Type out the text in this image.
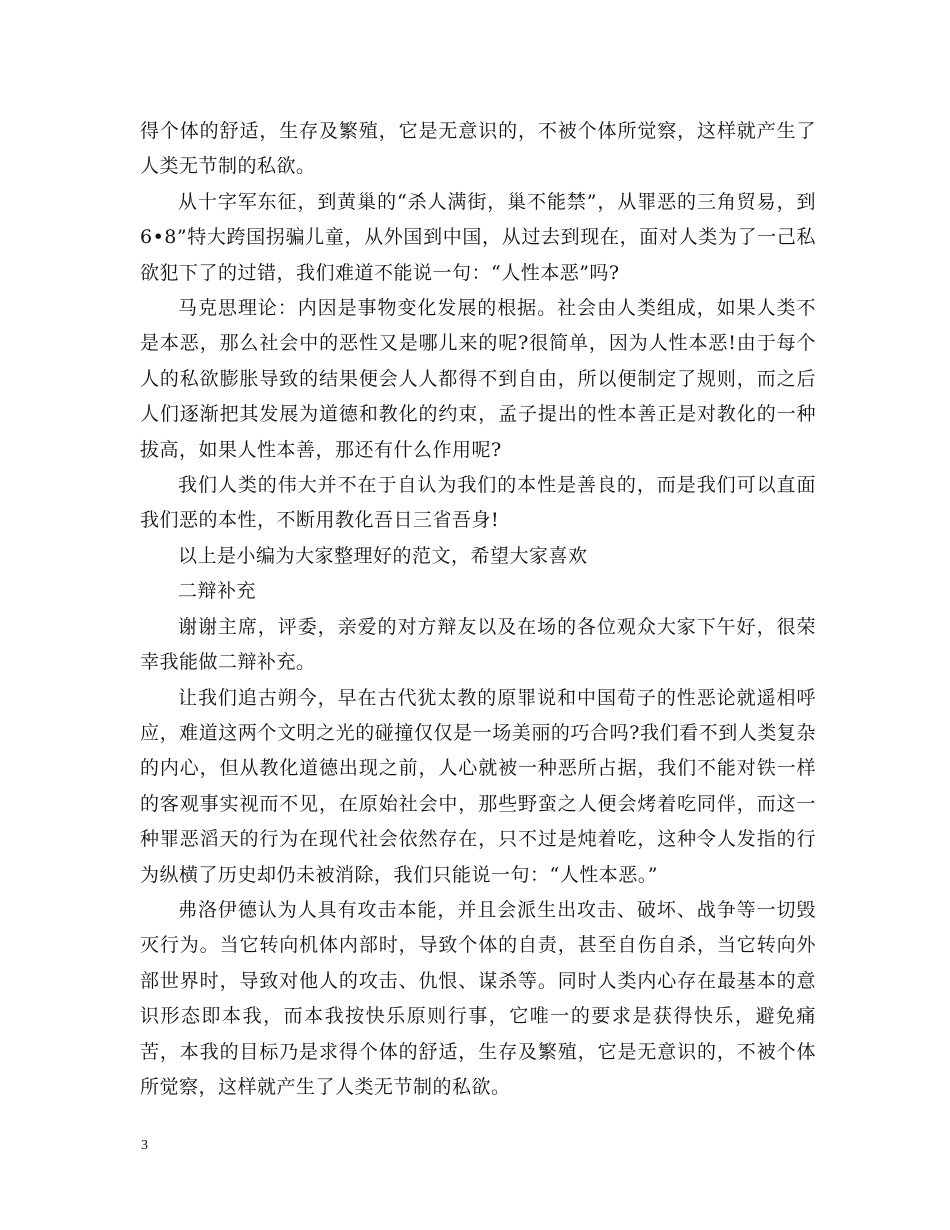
得个体的舒适，生存及繁殖，它是无意识的，不被个体所觉察，这样就产生了人类无节制的私欲。

从十字军东征，到黄巢的“杀人满街，巢不能禁”，从罪恶的三角贸易，到6•8”特大跨国拐骗儿童，从外国到中国，从过去到现在，面对人类为了一己私欲犯下了的过错，我们难道不能说一句：“人性本恶”吗?

马克思理论：内因是事物变化发展的根据。社会由人类组成，如果人类不是本恶，那么社会中的恶性又是哪儿来的呢?很简单，因为人性本恶!由于每个人的私欲膨胀导致的结果便会人人都得不到自由，所以便制定了规则，而之后人们逐渐把其发展为道德和教化的约束，孟子提出的性本善正是对教化的一种拔高，如果人性本善，那还有什么作用呢?

我们人类的伟大并不在于自认为我们的本性是善良的，而是我们可以直面我们恶的本性，不断用教化吾日三省吾身!

以上是小编为大家整理好的范文，希望大家喜欢

二辩补充

谢谢主席，评委，亲爱的对方辩友以及在场的各位观众大家下午好，很荣幸我能做二辩补充。

让我们追古朔今，早在古代犹太教的原罪说和中国荀子的性恶论就遥相呼应，难道这两个文明之光的碰撞仅仅是一场美丽的巧合吗?我们看不到人类复杂的内心，但从教化道德出现之前，人心就被一种恶所占据，我们不能对铁一样的客观事实视而不见，在原始社会中，那些野蛮之人便会烤着吃同伴，而这一种罪恶滔天的行为在现代社会依然存在，只不过是炖着吃，这种令人发指的行为纵横了历史却仍未被消除，我们只能说一句：“人性本恶。”

弗洛伊德认为人具有攻击本能，并且会派生出攻击、破坏、战争等一切毁灭行为。当它转向机体内部时，导致个体的自责，甚至自伤自杀，当它转向外部世界时，导致对他人的攻击、仇恨、谋杀等。同时人类内心存在最基本的意识形态即本我，而本我按快乐原则行事，它唯一的要求是获得快乐，避免痛苦，本我的目标乃是求得个体的舒适，生存及繁殖，它是无意识的，不被个体所觉察，这样就产生了人类无节制的私欲。

3
